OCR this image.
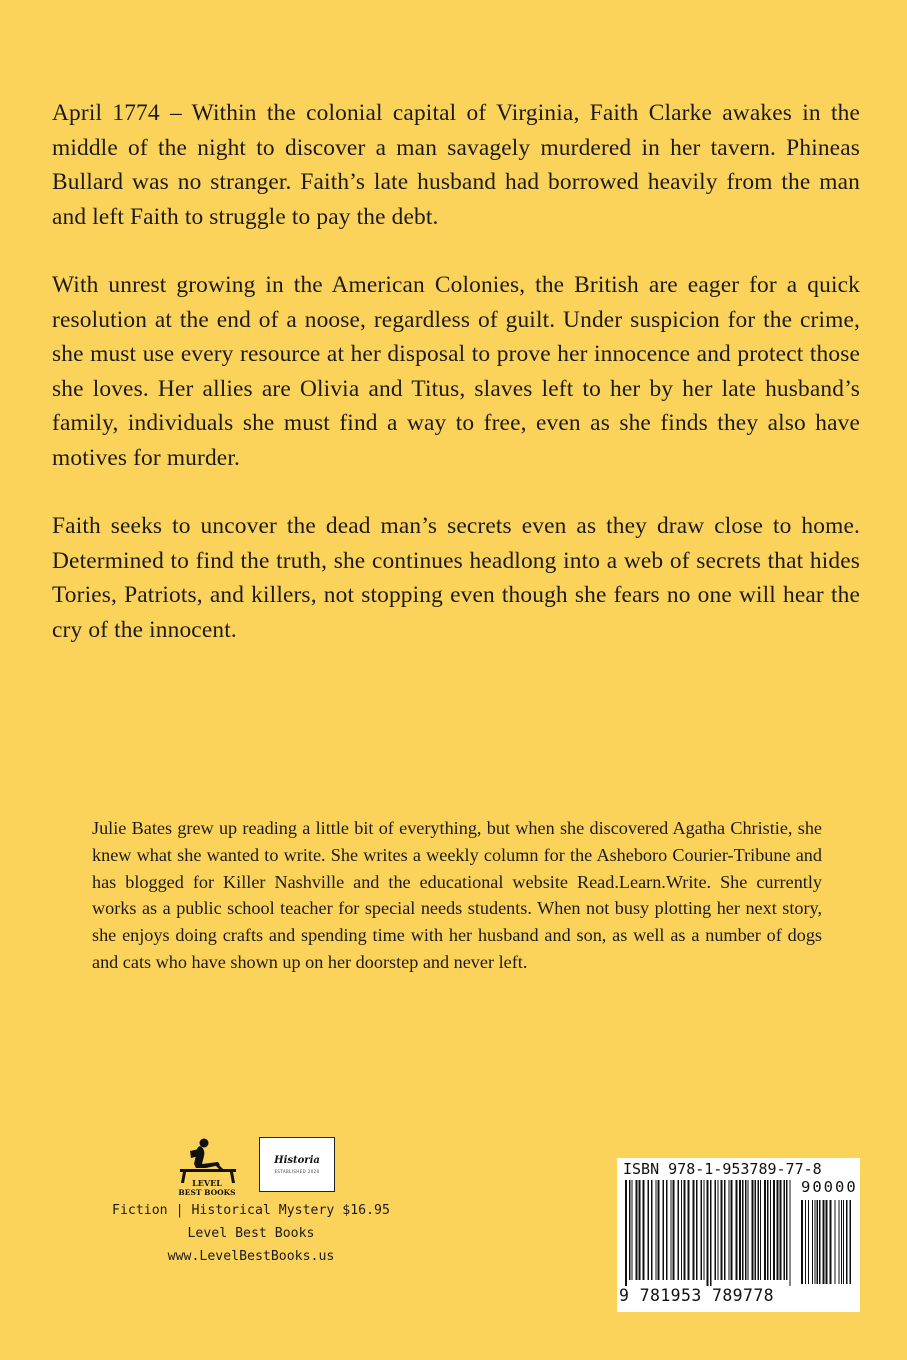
April 1774 – Within the colonial capital of Virginia, Faith Clarke awakes in the middle of the night to discover a man savagely murdered in her tavern. Phineas Bullard was no stranger. Faith’s late husband had borrowed heavily from the man and left Faith to struggle to pay the debt.

With unrest growing in the American Colonies, the British are eager for a quick resolution at the end of a noose, regardless of guilt. Under suspicion for the crime, she must use every resource at her disposal to prove her innocence and protect those she loves. Her allies are Olivia and Titus, slaves left to her by her late husband’s family, individuals she must find a way to free, even as she finds they also have motives for murder.

Faith seeks to uncover the dead man’s secrets even as they draw close to home. Determined to find the truth, she continues headlong into a web of secrets that hides Tories, Patriots, and killers, not stopping even though she fears no one will hear the cry of the innocent.

Julie Bates grew up reading a little bit of everything, but when she discovered Agatha Christie, she knew what she wanted to write. She writes a weekly column for the Asheboro Courier-Tribune and has blogged for Killer Nashville and the educational website Read.Learn.Write. She currently works as a public school teacher for special needs students. When not busy plotting her next story, she enjoys doing crafts and spending time with her husband and son, as well as a number of dogs and cats who have shown up on her doorstep and never left.

LEVEL
BEST BOOKS
Historia
ESTABLISHED 2020
Fiction | Historical Mystery $16.95
Level Best Books
www.LevelBestBooks.us
ISBN 978-1-953789-77-8
90000
9 781953 789778
